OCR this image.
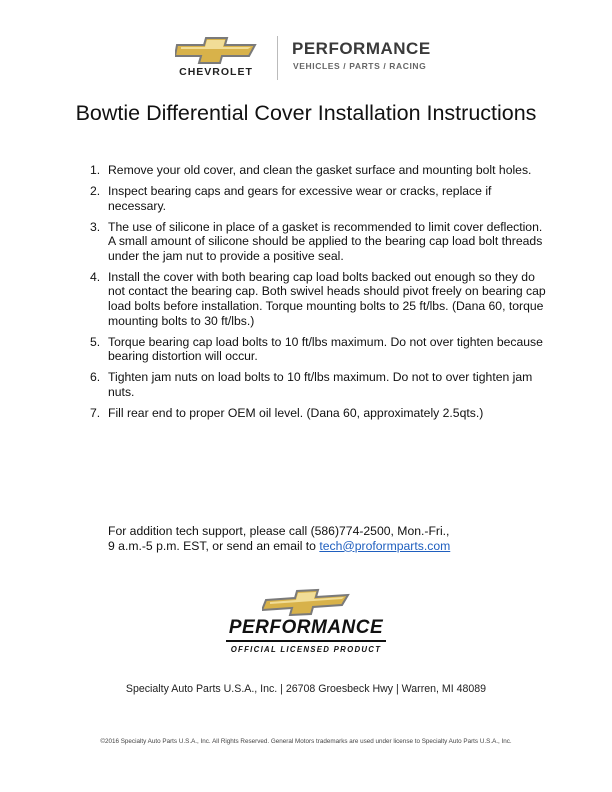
CHEVROLET
PERFORMANCE
VEHICLES / PARTS / RACING
Bowtie Differential Cover Installation Instructions
1. Remove your old cover, and clean the gasket surface and mounting bolt holes.
2. Inspect bearing caps and gears for excessive wear or cracks, replace if necessary.
3. The use of silicone in place of a gasket is recommended to limit cover deflection. A small amount of silicone should be applied to the bearing cap load bolt threads under the jam nut to provide a positive seal.
4. Install the cover with both bearing cap load bolts backed out enough so they do not contact the bearing cap. Both swivel heads should pivot freely on bearing cap load bolts before installation. Torque mounting bolts to 25 ft/lbs. (Dana 60, torque mounting bolts to 30 ft/lbs.)
5. Torque bearing cap load bolts to 10 ft/lbs maximum. Do not over tighten because bearing distortion will occur.
6. Tighten jam nuts on load bolts to 10 ft/lbs maximum. Do not to over tighten jam nuts.
7. Fill rear end to proper OEM oil level. (Dana 60, approximately 2.5qts.)
For addition tech support, please call (586)774-2500, Mon.-Fri.,
9 a.m.-5 p.m. EST, or send an email to tech@proformparts.com
PERFORMANCE
OFFICIAL LICENSED PRODUCT
Specialty Auto Parts U.S.A., Inc. | 26708 Groesbeck Hwy | Warren, MI 48089
©2016 Specialty Auto Parts U.S.A., Inc. All Rights Reserved. General Motors trademarks are used under license to Specialty Auto Parts U.S.A., Inc.
